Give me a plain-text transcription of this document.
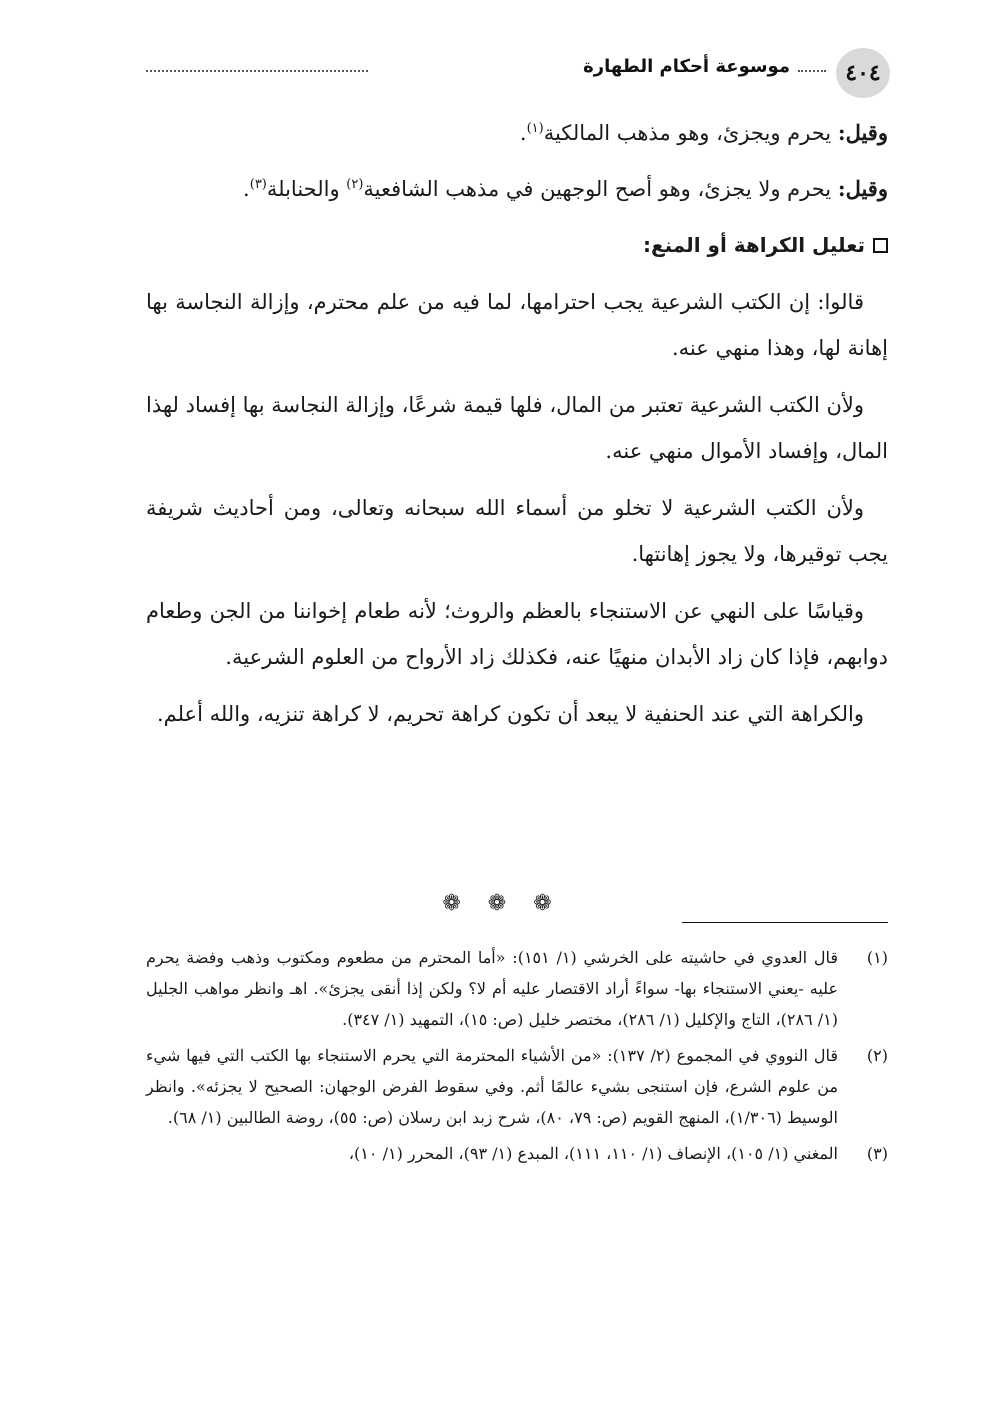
٤٠٤
موسوعة أحكام الطهارة

وقيل: يحرم ويجزئ، وهو مذهب المالكية$^{(١)}$.

وقيل: يحرم ولا يجزئ، وهو أصح الوجهين في مذهب الشافعية$^{(٢)}$ والحنابلة$^{(٣)}$.

تعليل الكراهة أو المنع:

قالوا: إن الكتب الشرعية يجب احترامها، لما فيه من علم محترم، وإزالة النجاسة بها إهانة لها، وهذا منهي عنه.

ولأن الكتب الشرعية تعتبر من المال، فلها قيمة شرعًا، وإزالة النجاسة بها إفساد لهذا المال، وإفساد الأموال منهي عنه.

ولأن الكتب الشرعية لا تخلو من أسماء الله سبحانه وتعالى، ومن أحاديث شريفة يجب توقيرها، ولا يجوز إهانتها.

وقياسًا على النهي عن الاستنجاء بالعظم والروث؛ لأنه طعام إخواننا من الجن وطعام دوابهم، فإذا كان زاد الأبدان منهيًا عنه، فكذلك زاد الأرواح من العلوم الشرعية.

والكراهة التي عند الحنفية لا يبعد أن تكون كراهة تحريم، لا كراهة تنزيه، والله أعلم.

❁ ❁ ❁
(١)
قال العدوي في حاشيته على الخرشي (١/ ١٥١): «أما المحترم من مطعوم ومكتوب وذهب وفضة يحرم عليه -يعني الاستنجاء بها- سواءً أراد الاقتصار عليه أم لا؟ ولكن إذا أنقى يجزئ». اهـ وانظر مواهب الجليل (١/ ٢٨٦)، التاج والإكليل (١/ ٢٨٦)، مختصر خليل (ص: ١٥)، التمهيد (١/ ٣٤٧).
(٢)
قال النووي في المجموع (٢/ ١٣٧): «من الأشياء المحترمة التي يحرم الاستنجاء بها الكتب التي فيها شيء من علوم الشرع، فإن استنجى بشيء عالمًا أثم. وفي سقوط الفرض الوجهان: الصحيح لا يجزئه». وانظر الوسيط (١/٣٠٦)، المنهج القويم (ص: ٧٩، ٨٠)، شرح زبد ابن رسلان (ص: ٥٥)، روضة الطالبين (١/ ٦٨).
(٣)
المغني (١/ ١٠٥)، الإنصاف (١/ ١١٠، ١١١)، المبدع (١/ ٩٣)، المحرر (١/ ١٠)،
